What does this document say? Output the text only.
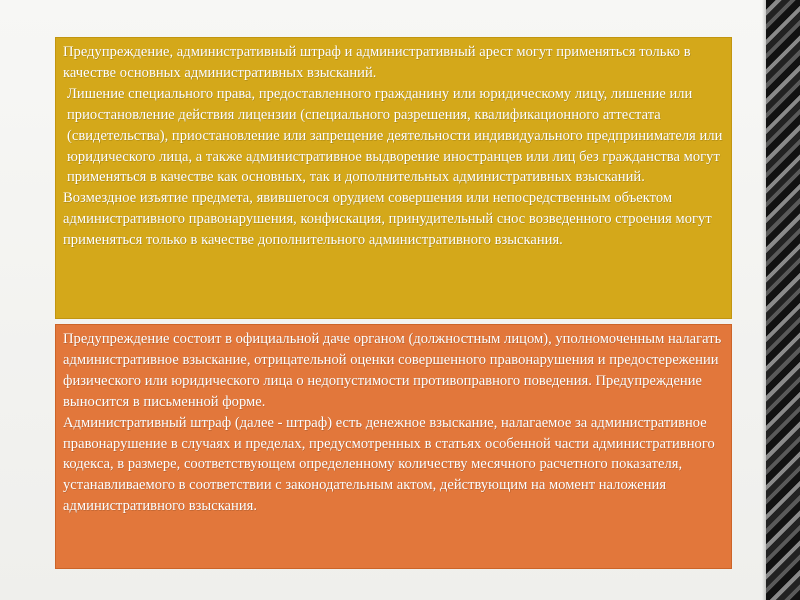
Предупреждение, административный штраф и административный арест могут применяться только в качестве основных административных взысканий.

Лишение специального права, предоставленного гражданину или юридическому лицу, лишение или приостановление действия лицензии (специального разрешения, квалификационного аттестата (свидетельства), приостановление или запрещение деятельности индивидуального предпринимателя или юридического лица, а также административное выдворение иностранцев или лиц без гражданства могут применяться в качестве как основных, так и дополнительных административных взысканий.

Возмездное изъятие предмета, явившегося орудием совершения или непосредственным объектом административного правонарушения, конфискация, принудительный снос возведенного строения могут применяться только в качестве дополнительного административного взыскания.

Предупреждение состоит в официальной даче органом (должностным лицом), уполномоченным налагать административное взыскание, отрицательной оценки совершенного правонарушения и предостережении физического или юридического лица о недопустимости противоправного поведения. Предупреждение выносится в письменной форме.

Административный штраф (далее - штраф) есть денежное взыскание, налагаемое за административное правонарушение в случаях и пределах, предусмотренных в статьях особенной части административного кодекса, в размере, соответствующем определенному количеству месячного расчетного показателя, устанавливаемого в соответствии с законодательным актом, действующим на момент наложения административного взыскания.
